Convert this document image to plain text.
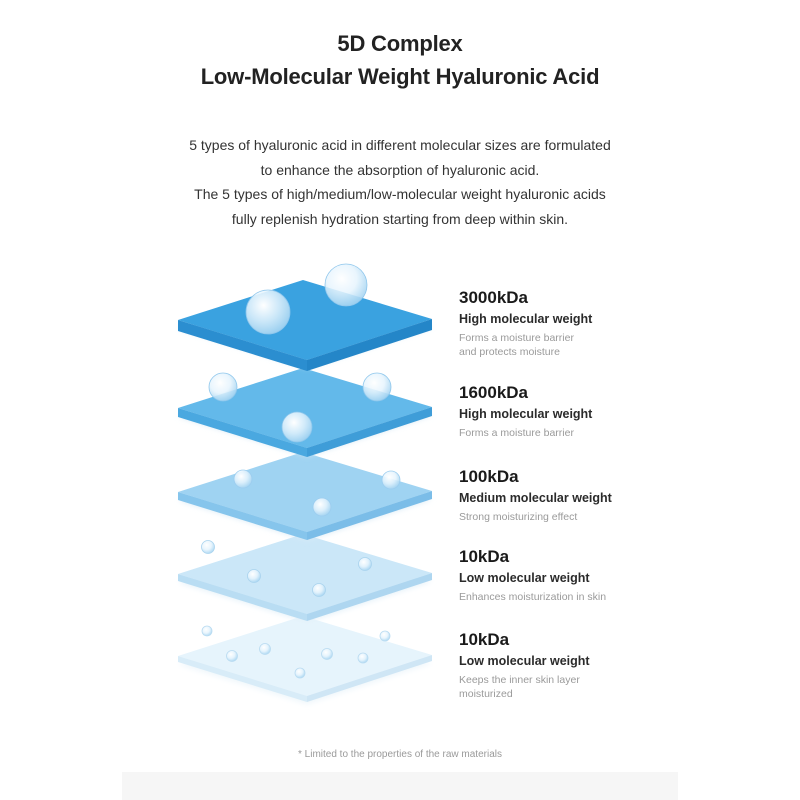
5D Complex
Low-Molecular Weight Hyaluronic Acid

5 types of hyaluronic acid in different molecular sizes are formulated

to enhance the absorption of hyaluronic acid.

The 5 types of high/medium/low-molecular weight hyaluronic acids

fully replenish hydration starting from deep within skin.

3000kDa
High molecular weight
Forms a moisture barrier
and protects moisture
1600kDa
High molecular weight
Forms a moisture barrier
100kDa
Medium molecular weight
Strong moisturizing effect
10kDa
Low molecular weight
Enhances moisturization in skin
10kDa
Low molecular weight
Keeps the inner skin layer
moisturized
* Limited to the properties of the raw materials
